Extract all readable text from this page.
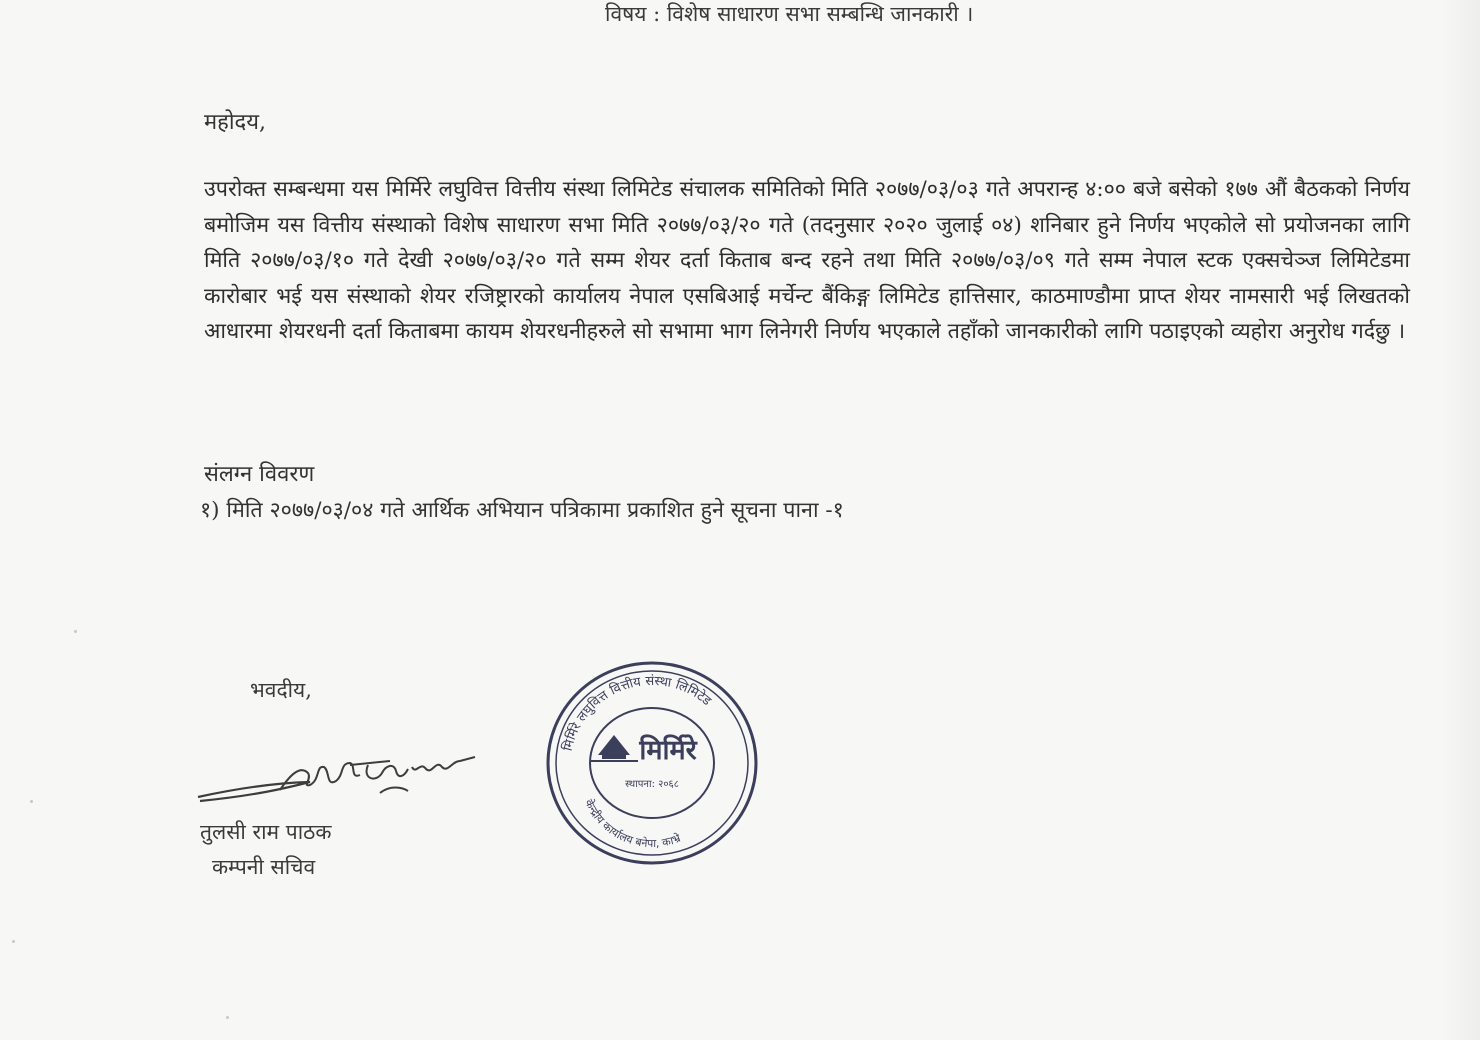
विषय : विशेष साधारण सभा सम्बन्धि जानकारी ।
महोदय,
उपरोक्त सम्बन्धमा यस मिर्मिरे लघुवित्त वित्तीय संस्था लिमिटेड संचालक समितिको मिति २०७७/०३/०३ गते अपरान्ह ४:०० बजे बसेको १७७ औं बैठकको निर्णय बमोजिम यस वित्तीय संस्थाको विशेष साधारण सभा मिति २०७७/०३/२० गते (तदनुसार २०२० जुलाई ०४) शनिबार हुने निर्णय भएकोले सो प्रयोजनका लागि मिति २०७७/०३/१० गते देखी २०७७/०३/२० गते सम्म शेयर दर्ता किताब बन्द रहने तथा मिति २०७७/०३/०९ गते सम्म नेपाल स्टक एक्सचेञ्ज लिमिटेडमा कारोबार भई यस संस्थाको शेयर रजिष्ट्रारको कार्यालय नेपाल एसबिआई मर्चेन्ट बैंकिङ्ग लिमिटेड हात्तिसार, काठमाण्डौमा प्राप्त शेयर नामसारी भई लिखतको आधारमा शेयरधनी दर्ता किताबमा कायम शेयरधनीहरुले सो सभामा भाग लिनेगरी निर्णय भएकाले तहाँको जानकारीको लागि पठाइएको व्यहोरा अनुरोध गर्दछु ।
संलग्न विवरण
१) मिति २०७७/०३/०४ गते आर्थिक अभियान पत्रिकामा प्रकाशित हुने सूचना पाना -१
भवदीय,
तुलसी राम पाठक
कम्पनी सचिव
मिर्मिरे लघुवित्त वित्तीय संस्था लिमिटेड
केन्द्रीय कार्यालय बनेपा, काभ्रे
मिर्मिरे
स्थापना: २०६८
